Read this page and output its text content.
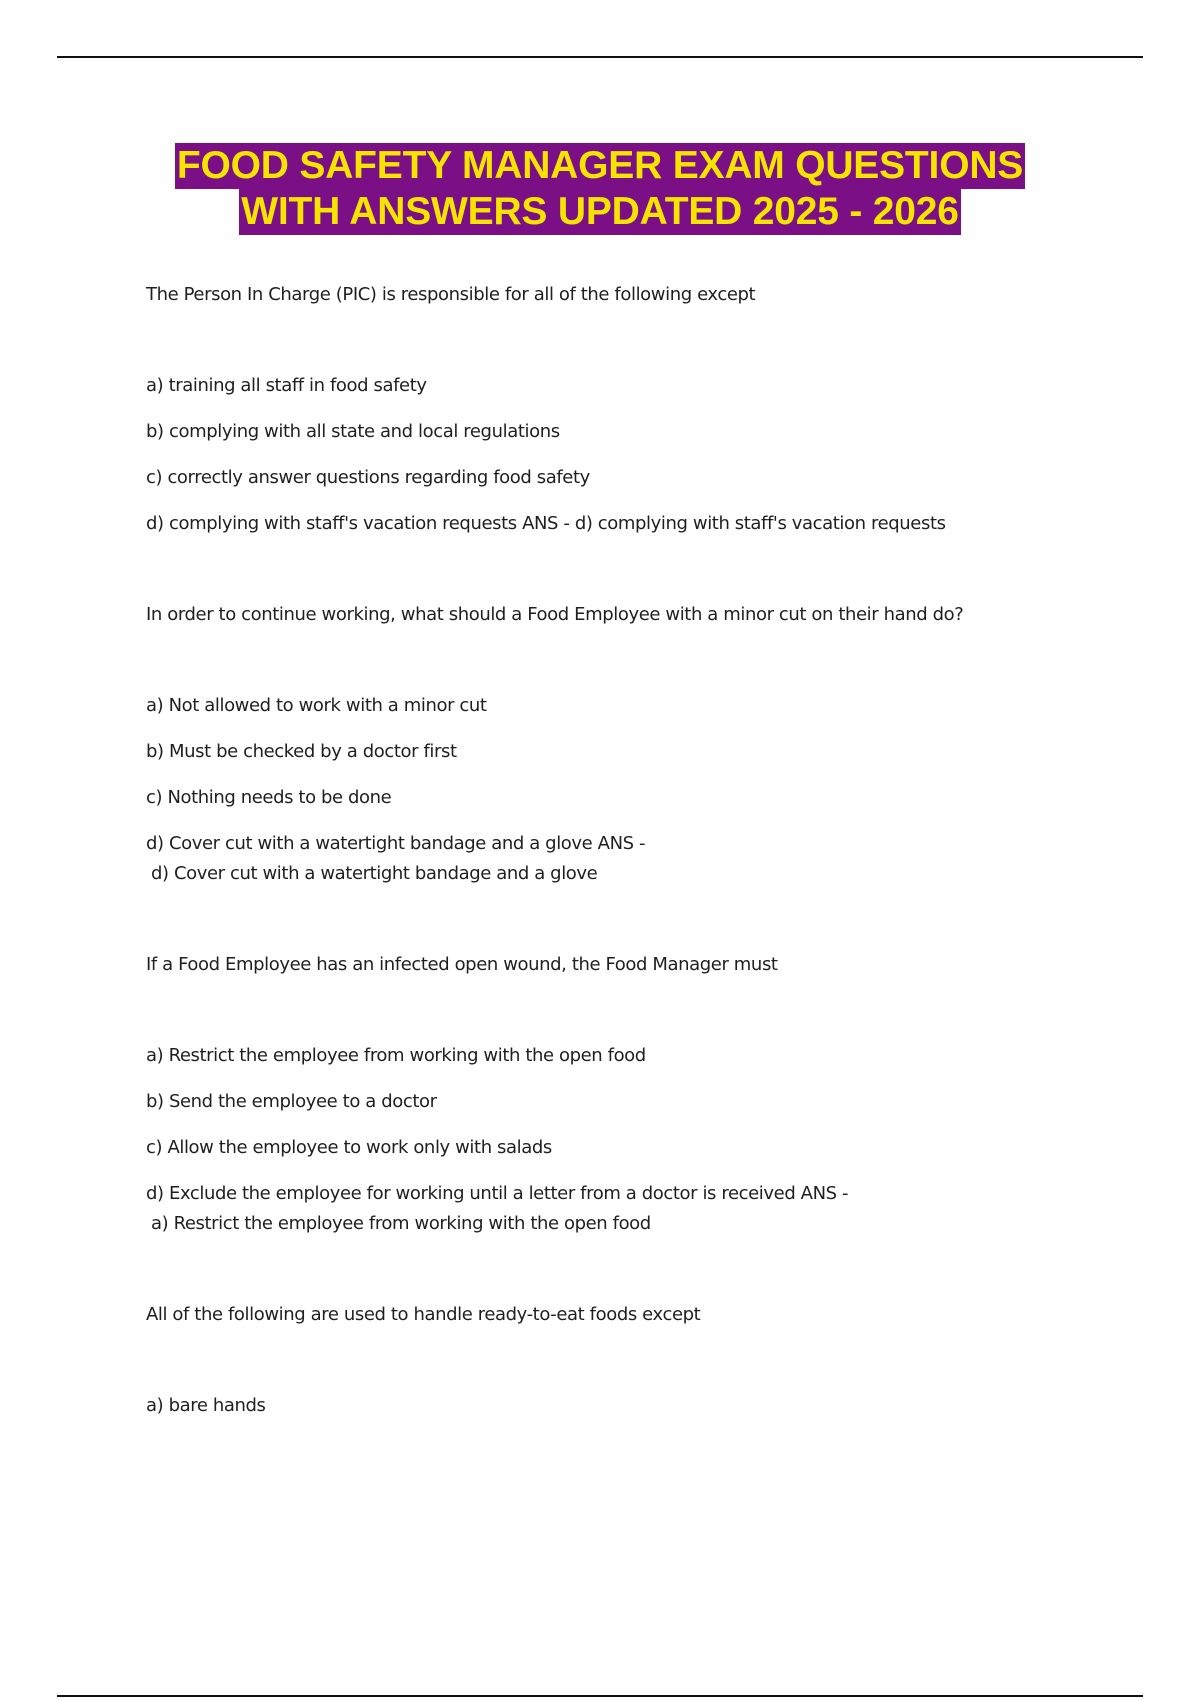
FOOD SAFETY MANAGER EXAM QUESTIONS
WITH ANSWERS UPDATED 2025 - 2026

The Person In Charge (PIC) is responsible for all of the following except

a) training all staff in food safety
b) complying with all state and local regulations
c) correctly answer questions regarding food safety
d) complying with staff's vacation requests ANS - d) complying with staff's vacation requests

In order to continue working, what should a Food Employee with a minor cut on their hand do?

a) Not allowed to work with a minor cut
b) Must be checked by a doctor first
c) Nothing needs to be done
d) Cover cut with a watertight bandage and a glove ANS -
d) Cover cut with a watertight bandage and a glove

If a Food Employee has an infected open wound, the Food Manager must

a) Restrict the employee from working with the open food
b) Send the employee to a doctor
c) Allow the employee to work only with salads
d) Exclude the employee for working until a letter from a doctor is received ANS -
a) Restrict the employee from working with the open food

All of the following are used to handle ready-to-eat foods except

a) bare hands
